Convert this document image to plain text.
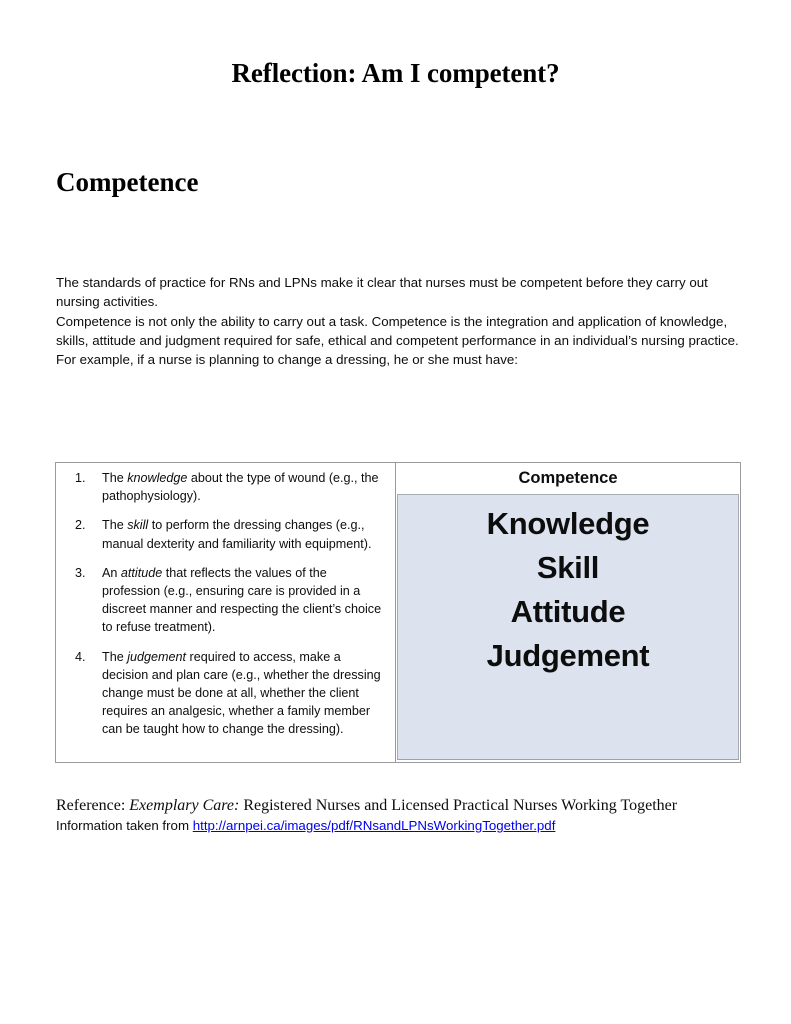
Reflection: Am I competent?
Competence

The standards of practice for RNs and LPNs make it clear that nurses must be competent before they carry out nursing activities.

Competence is not only the ability to carry out a task. Competence is the integration and application of knowledge, skills, attitude and judgment required for safe, ethical and competent performance in an individual’s nursing practice. For example, if a nurse is planning to change a dressing, he or she must have:

The knowledge about the type of wound (e.g., the pathophysiology).
The skill to perform the dressing changes (e.g., manual dexterity and familiarity with equipment).
An attitude that reflects the values of the profession (e.g., ensuring care is provided in a discreet manner and respecting the client’s choice to refuse treatment).
The judgement required to access, make a decision and plan care (e.g., whether the dressing change must be done at all, whether the client requires an analgesic, whether a family member can be taught how to change the dressing).
Competence
Knowledge
Skill
Attitude
Judgement
Reference: Exemplary Care: Registered Nurses and Licensed Practical Nurses Working Together
Information taken from http://arnpei.ca/images/pdf/RNsandLPNsWorkingTogether.pdf
